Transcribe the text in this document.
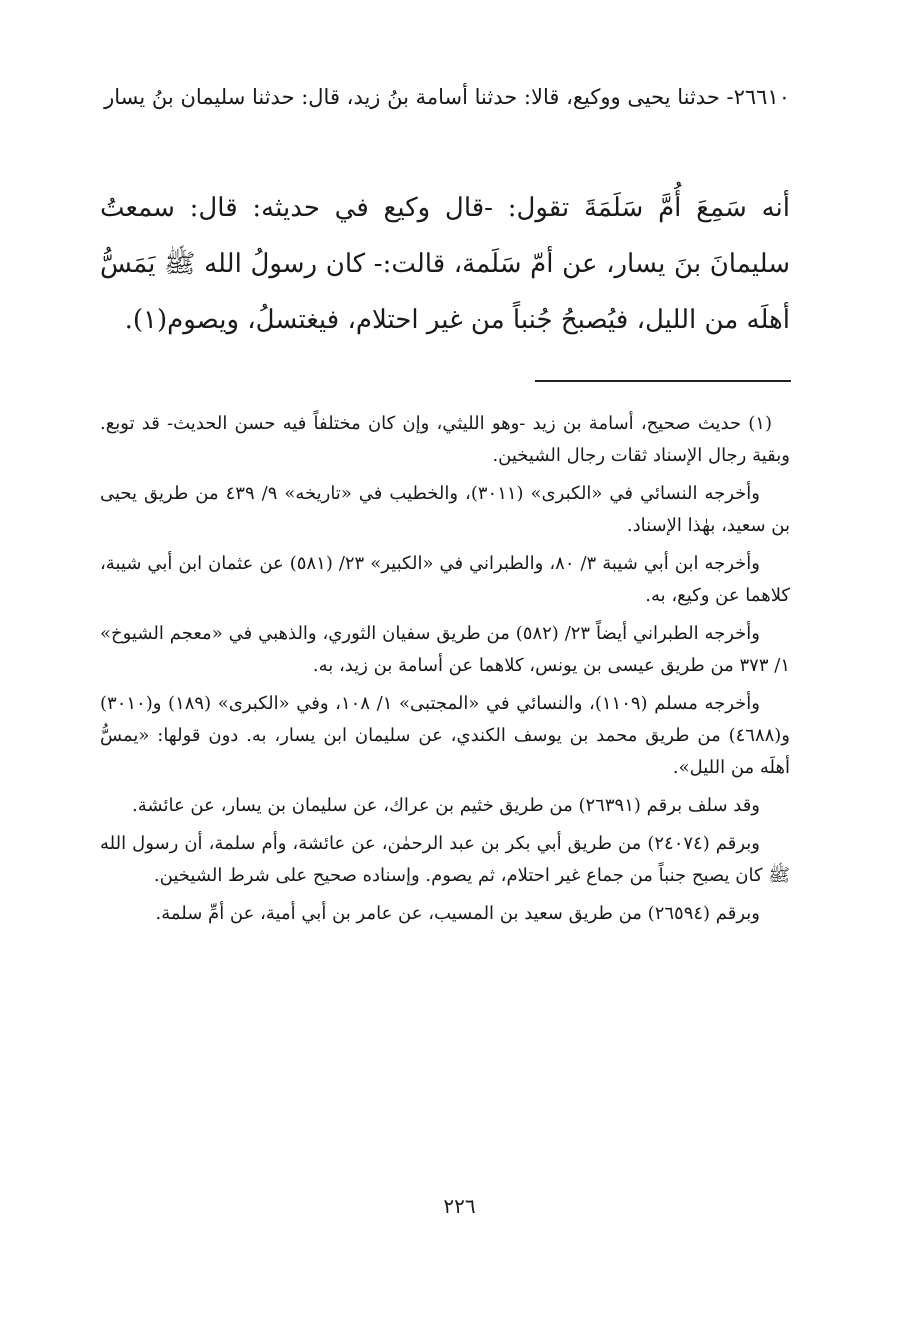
٢٦٦١٠- حدثنا يحيى ووكيع، قالا: حدثنا أسامة بنُ زيد، قال: حدثنا سليمان بنُ يسار
أنه سَمِعَ أُمَّ سَلَمَةَ تقول: -قال وكيع في حديثه: قال: سمعتُ سليمانَ بنَ يسار، عن أمّ سَلَمة، قالت:- كان رسولُ الله ﷺ يَمَسُّ أهلَه من الليل، فيُصبحُ جُنباً من غير احتلام، فيغتسلُ، ويصوم(١).

(١) حديث صحيح، أسامة بن زيد -وهو الليثي، وإن كان مختلفاً فيه حسن الحديث- قد توبع. وبقية رجال الإسناد ثقات رجال الشيخين.

وأخرجه النسائي في «الكبرى» (٣٠١١)، والخطيب في «تاريخه» ٩/ ٤٣٩ من طريق يحيى بن سعيد، بهٰذا الإسناد.

وأخرجه ابن أبي شيبة ٣/ ٨٠، والطبراني في «الكبير» ٢٣/ (٥٨١) عن عثمان ابن أبي شيبة، كلاهما عن وكيع، به.

وأخرجه الطبراني أيضاً ٢٣/ (٥٨٢) من طريق سفيان الثوري، والذهبي في «معجم الشيوخ» ١/ ٣٧٣ من طريق عيسى بن يونس، كلاهما عن أسامة بن زيد، به.

وأخرجه مسلم (١١٠٩)، والنسائي في «المجتبى» ١/ ١٠٨، وفي «الكبرى» (١٨٩) و(٣٠١٠) و(٤٦٨٨) من طريق محمد بن يوسف الكندي، عن سليمان ابن يسار، به. دون قولها: «يمسُّ أهلَه من الليل».

وقد سلف برقم (٢٦٣٩١) من طريق خثيم بن عراك، عن سليمان بن يسار، عن عائشة.

وبرقم (٢٤٠٧٤) من طريق أبي بكر بن عبد الرحمٰن، عن عائشة، وأم سلمة، أن رسول الله ﷺ كان يصبح جنباً من جماع غير احتلام، ثم يصوم. وإسناده صحيح على شرط الشيخين.

وبرقم (٢٦٥٩٤) من طريق سعيد بن المسيب، عن عامر بن أبي أمية، عن أمِّ سلمة.

٢٢٦
